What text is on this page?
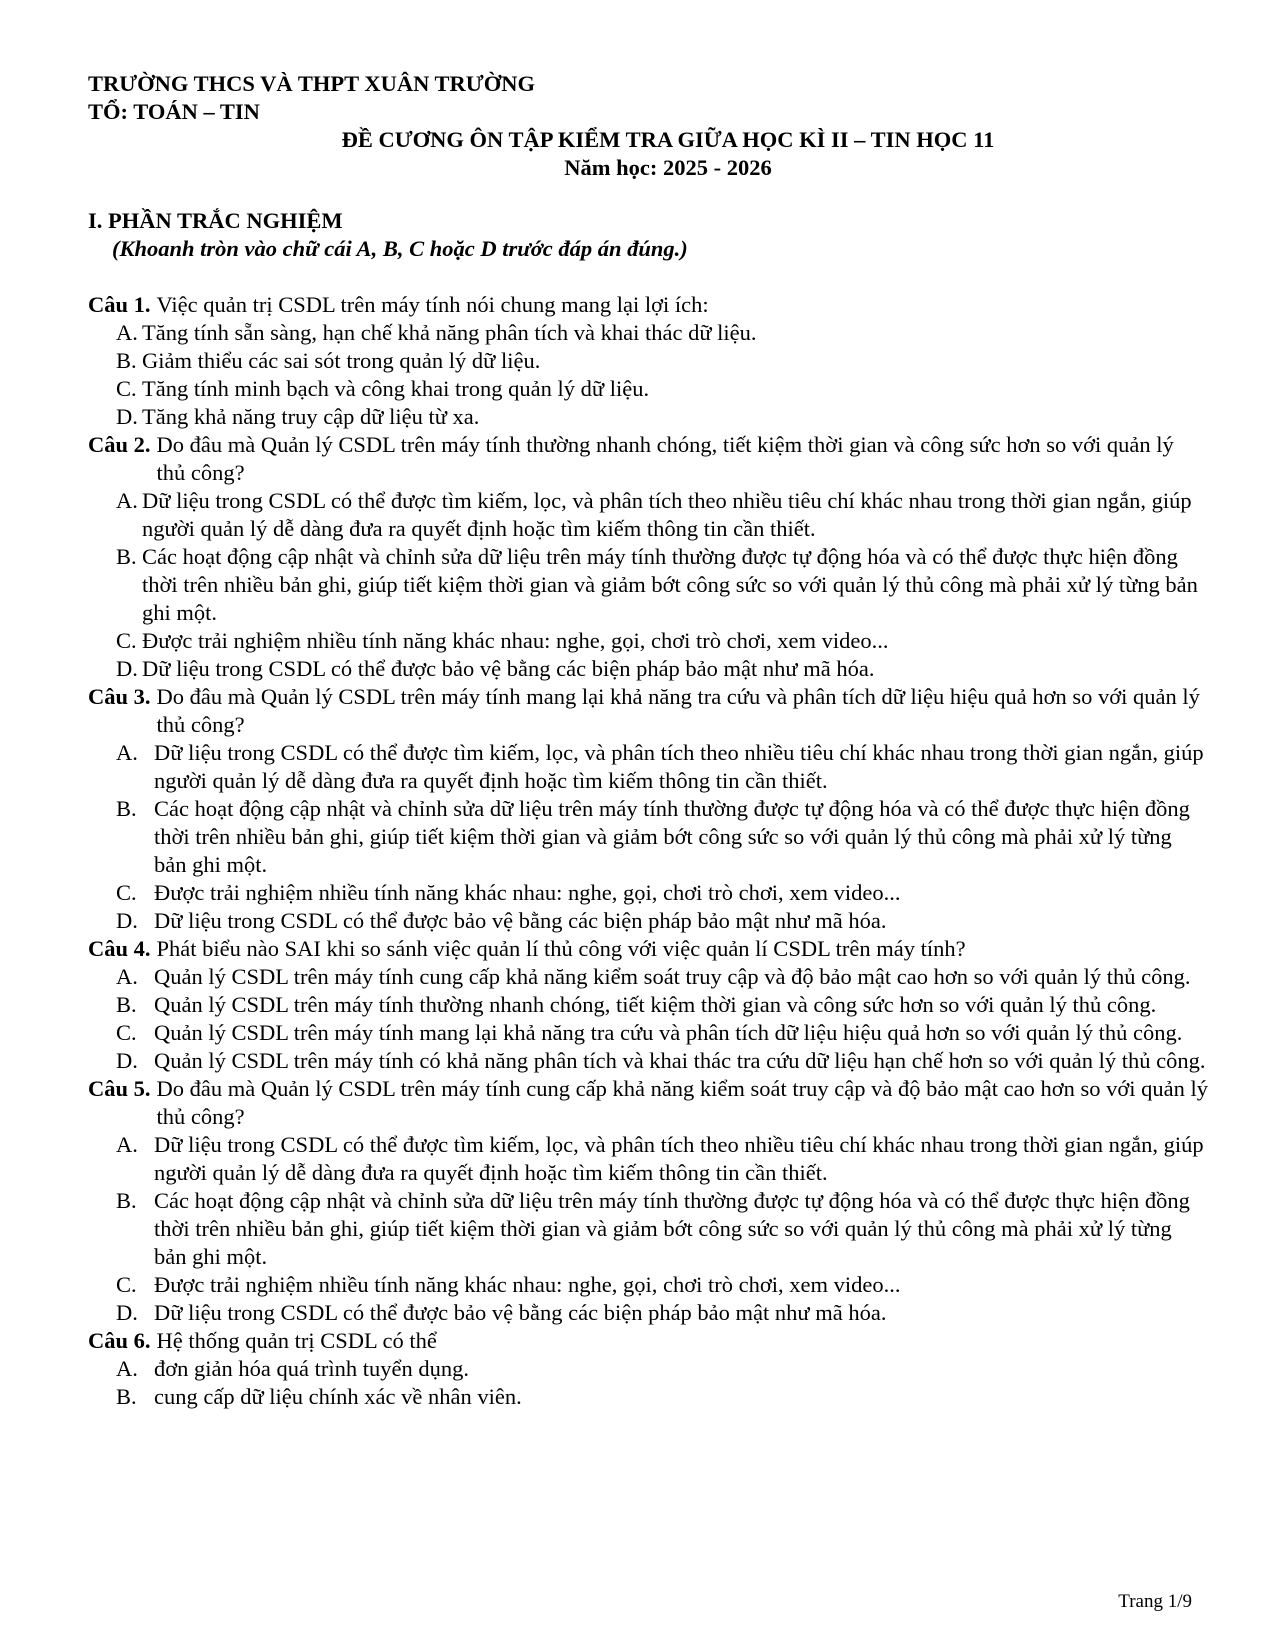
TRƯỜNG THCS VÀ THPT XUÂN TRƯỜNG
TỔ: TOÁN – TIN
ĐỀ CƯƠNG ÔN TẬP KIỂM TRA GIỮA HỌC KÌ II – TIN HỌC 11
Năm học: 2025 - 2026
I. PHẦN TRẮC NGHIỆM
(Khoanh tròn vào chữ cái A, B, C hoặc D trước đáp án đúng.)
Câu 1. Việc quản trị CSDL trên máy tính nói chung mang lại lợi ích:
A. Tăng tính sẵn sàng, hạn chế khả năng phân tích và khai thác dữ liệu.
B. Giảm thiểu các sai sót trong quản lý dữ liệu.
C. Tăng tính minh bạch và công khai trong quản lý dữ liệu.
D. Tăng khả năng truy cập dữ liệu từ xa.
Câu 2. Do đâu mà Quản lý CSDL trên máy tính thường nhanh chóng, tiết kiệm thời gian và công sức hơn so với quản lý thủ công?
A. Dữ liệu trong CSDL có thể được tìm kiếm, lọc, và phân tích theo nhiều tiêu chí khác nhau trong thời gian ngắn, giúp người quản lý dễ dàng đưa ra quyết định hoặc tìm kiếm thông tin cần thiết.
B. Các hoạt động cập nhật và chỉnh sửa dữ liệu trên máy tính thường được tự động hóa và có thể được thực hiện đồng thời trên nhiều bản ghi, giúp tiết kiệm thời gian và giảm bớt công sức so với quản lý thủ công mà phải xử lý từng bản ghi một.
C. Được trải nghiệm nhiều tính năng khác nhau: nghe, gọi, chơi trò chơi, xem video...
D. Dữ liệu trong CSDL có thể được bảo vệ bằng các biện pháp bảo mật như mã hóa.
Câu 3. Do đâu mà Quản lý CSDL trên máy tính mang lại khả năng tra cứu và phân tích dữ liệu hiệu quả hơn so với quản lý thủ công?
A. Dữ liệu trong CSDL có thể được tìm kiếm, lọc, và phân tích theo nhiều tiêu chí khác nhau trong thời gian ngắn, giúp người quản lý dễ dàng đưa ra quyết định hoặc tìm kiếm thông tin cần thiết.
B. Các hoạt động cập nhật và chỉnh sửa dữ liệu trên máy tính thường được tự động hóa và có thể được thực hiện đồng thời trên nhiều bản ghi, giúp tiết kiệm thời gian và giảm bớt công sức so với quản lý thủ công mà phải xử lý từng bản ghi một.
C. Được trải nghiệm nhiều tính năng khác nhau: nghe, gọi, chơi trò chơi, xem video...
D. Dữ liệu trong CSDL có thể được bảo vệ bằng các biện pháp bảo mật như mã hóa.
Câu 4. Phát biểu nào SAI khi so sánh việc quản lí thủ công với việc quản lí CSDL trên máy tính?
A. Quản lý CSDL trên máy tính cung cấp khả năng kiểm soát truy cập và độ bảo mật cao hơn so với quản lý thủ công.
B. Quản lý CSDL trên máy tính thường nhanh chóng, tiết kiệm thời gian và công sức hơn so với quản lý thủ công.
C. Quản lý CSDL trên máy tính mang lại khả năng tra cứu và phân tích dữ liệu hiệu quả hơn so với quản lý thủ công.
D. Quản lý CSDL trên máy tính có khả năng phân tích và khai thác tra cứu dữ liệu hạn chế hơn so với quản lý thủ công.
Câu 5. Do đâu mà Quản lý CSDL trên máy tính cung cấp khả năng kiểm soát truy cập và độ bảo mật cao hơn so với quản lý thủ công?
A. Dữ liệu trong CSDL có thể được tìm kiếm, lọc, và phân tích theo nhiều tiêu chí khác nhau trong thời gian ngắn, giúp người quản lý dễ dàng đưa ra quyết định hoặc tìm kiếm thông tin cần thiết.
B. Các hoạt động cập nhật và chỉnh sửa dữ liệu trên máy tính thường được tự động hóa và có thể được thực hiện đồng thời trên nhiều bản ghi, giúp tiết kiệm thời gian và giảm bớt công sức so với quản lý thủ công mà phải xử lý từng bản ghi một.
C. Được trải nghiệm nhiều tính năng khác nhau: nghe, gọi, chơi trò chơi, xem video...
D. Dữ liệu trong CSDL có thể được bảo vệ bằng các biện pháp bảo mật như mã hóa.
Câu 6. Hệ thống quản trị CSDL có thể
A. đơn giản hóa quá trình tuyển dụng.
B. cung cấp dữ liệu chính xác về nhân viên.
Trang 1/9
